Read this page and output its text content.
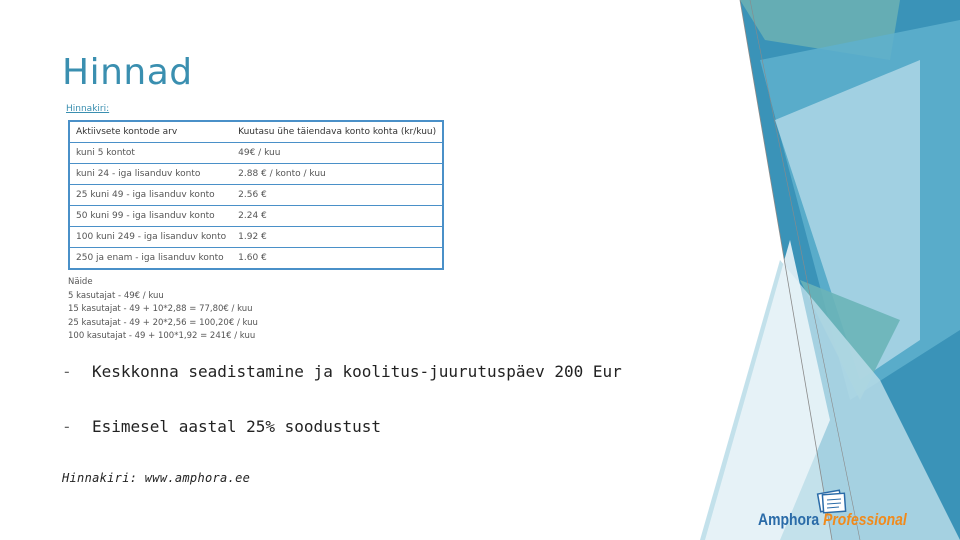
Hinnad
Hinnakiri:
Aktiivsete kontode arv	Kuutasu ühe täiendava konto kohta (kr/kuu)
kuni 5 kontot	49€ / kuu
kuni 24 - iga lisanduv konto	2.88 € / konto / kuu
25 kuni 49 - iga lisanduv konto	2.56 €
50 kuni 99 - iga lisanduv konto	2.24 €
100 kuni 249 - iga lisanduv konto	1.92 €
250 ja enam - iga lisanduv konto	1.60 €
Näide
5 kasutajat - 49€ / kuu
15 kasutajat - 49 + 10*2,88 = 77,80€ / kuu
25 kasutajat - 49 + 20*2,56 = 100,20€ / kuu
100 kasutajat - 49 + 100*1,92 = 241€ / kuu
- Keskkonna seadistamine ja koolitus-juurutuspäev 200 Eur
- Esimesel aastal 25% soodustust
Hinnakiri: www.amphora.ee
Amphora Professional
